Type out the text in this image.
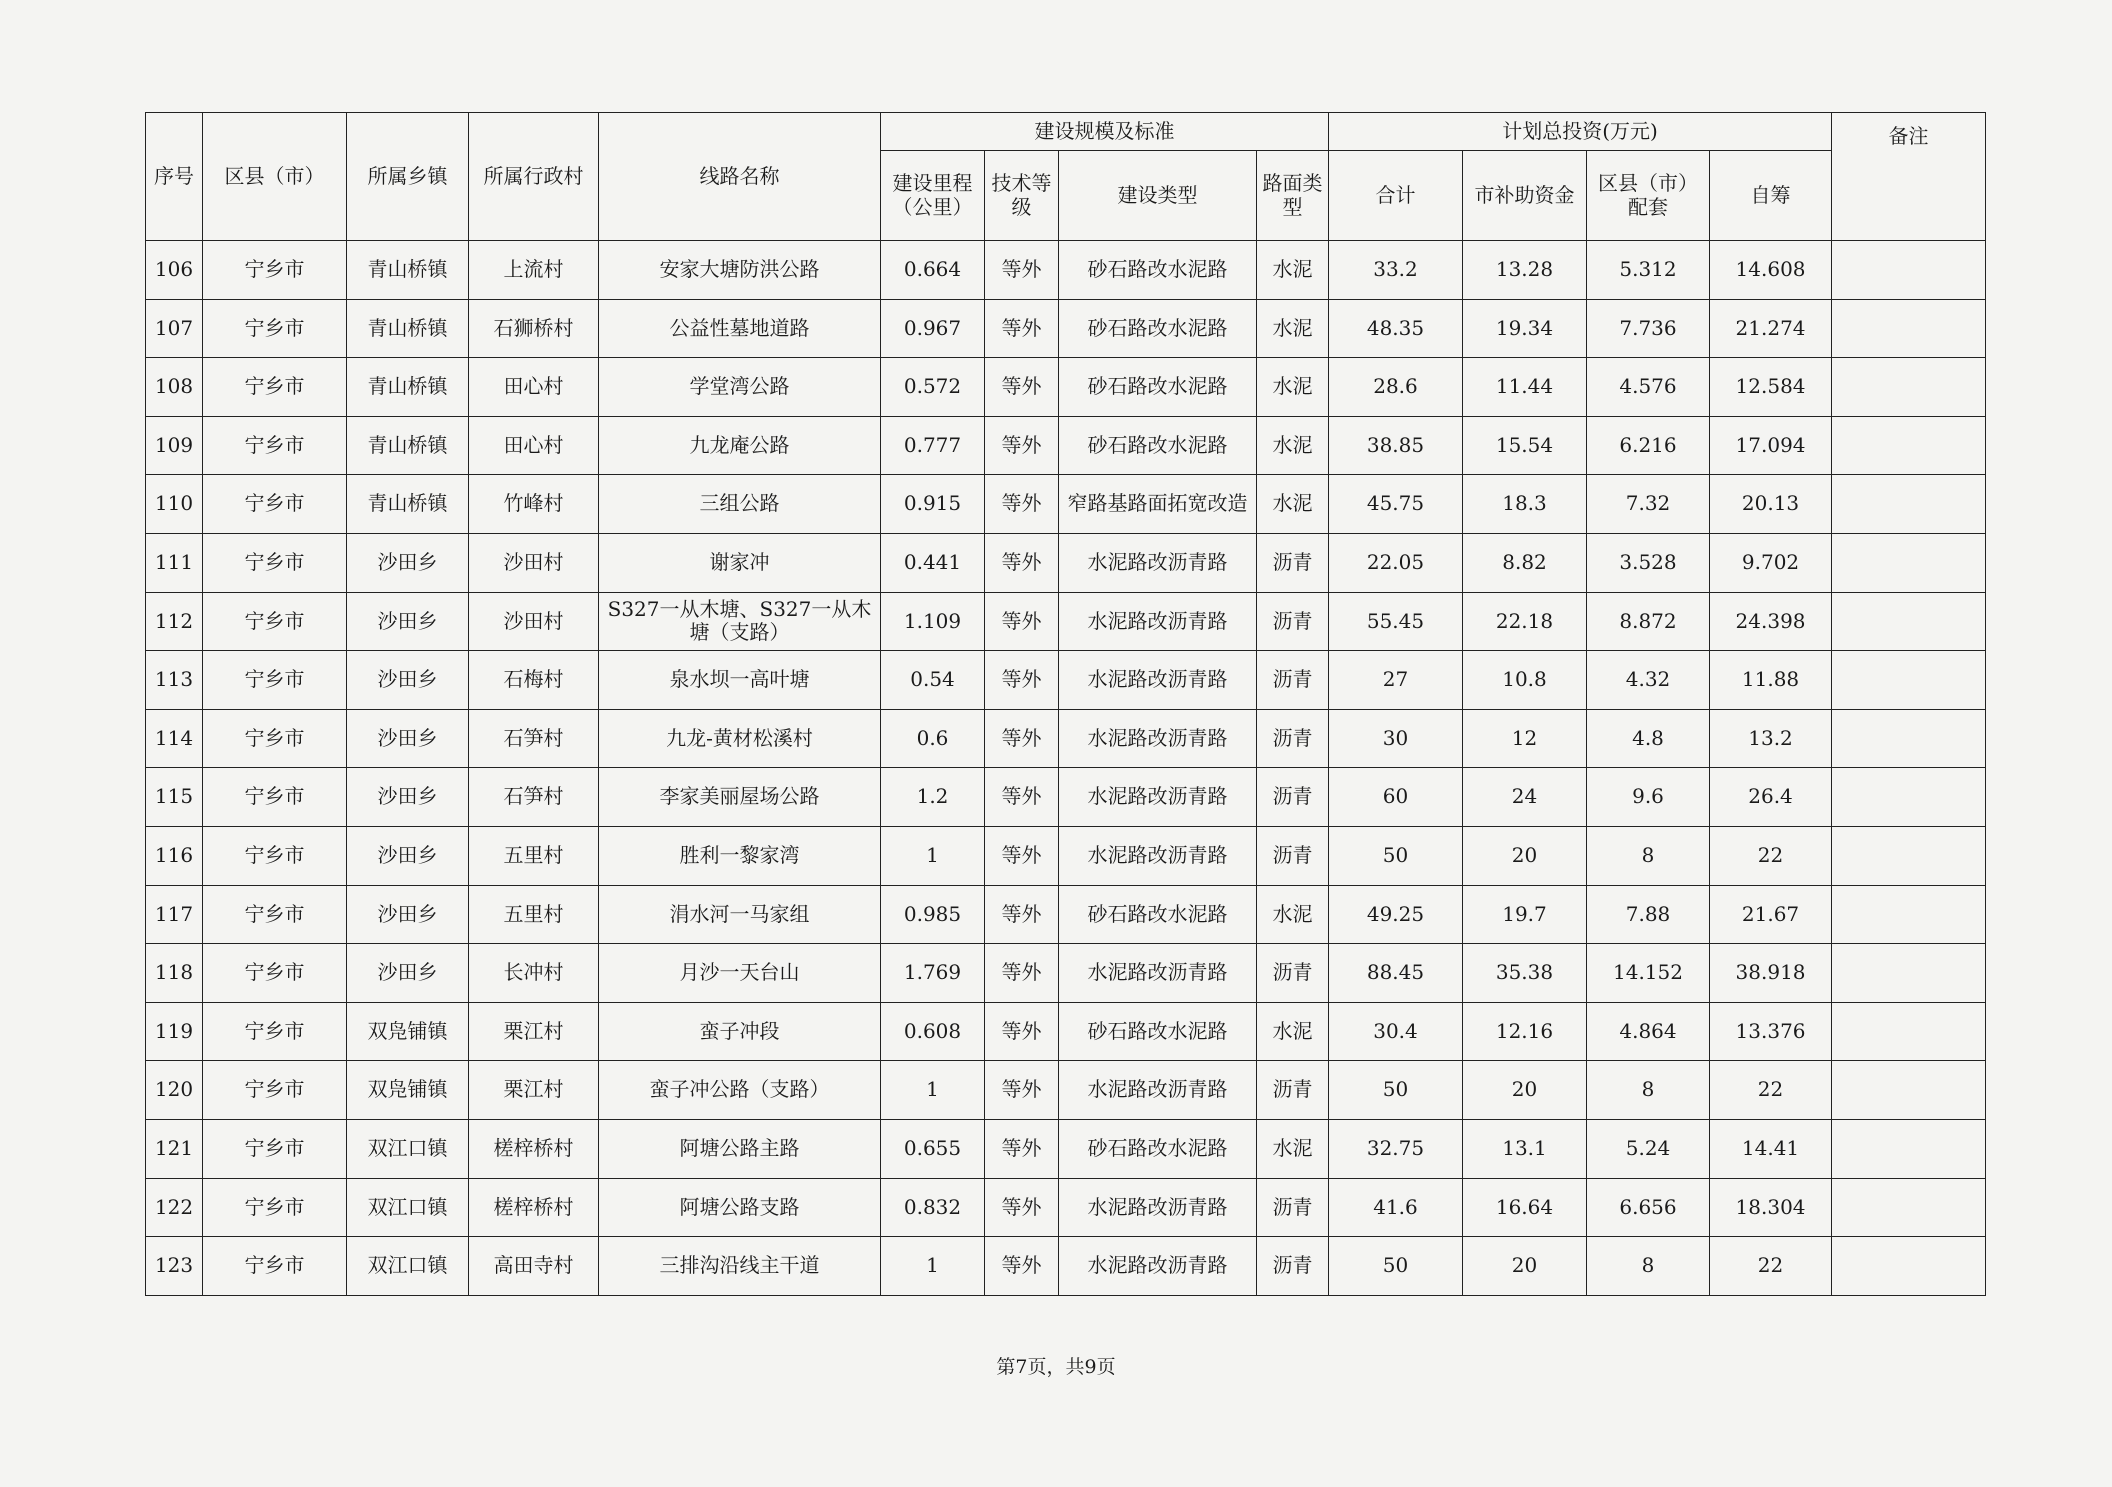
序号	区县（市）	所属乡镇	所属行政村	线路名称	建设规模及标准				计划总投资(万元)				备注
					建设里程（公里）	技术等级	建设类型	路面类型	合计	市补助资金	区县（市）配套	自筹	
106	宁乡市	青山桥镇	上流村	安家大塘防洪公路	0.664	等外	砂石路改水泥路	水泥	33.2	13.28	5.312	14.608	
107	宁乡市	青山桥镇	石狮桥村	公益性墓地道路	0.967	等外	砂石路改水泥路	水泥	48.35	19.34	7.736	21.274	
108	宁乡市	青山桥镇	田心村	学堂湾公路	0.572	等外	砂石路改水泥路	水泥	28.6	11.44	4.576	12.584	
109	宁乡市	青山桥镇	田心村	九龙庵公路	0.777	等外	砂石路改水泥路	水泥	38.85	15.54	6.216	17.094	
110	宁乡市	青山桥镇	竹峰村	三组公路	0.915	等外	窄路基路面拓宽改造	水泥	45.75	18.3	7.32	20.13	
111	宁乡市	沙田乡	沙田村	谢家冲	0.441	等外	水泥路改沥青路	沥青	22.05	8.82	3.528	9.702	
112	宁乡市	沙田乡	沙田村	S327一从木塘、S327一从木塘（支路）	1.109	等外	水泥路改沥青路	沥青	55.45	22.18	8.872	24.398	
113	宁乡市	沙田乡	石梅村	泉水坝一高叶塘	0.54	等外	水泥路改沥青路	沥青	27	10.8	4.32	11.88	
114	宁乡市	沙田乡	石笋村	九龙-黄材松溪村	0.6	等外	水泥路改沥青路	沥青	30	12	4.8	13.2	
115	宁乡市	沙田乡	石笋村	李家美丽屋场公路	1.2	等外	水泥路改沥青路	沥青	60	24	9.6	26.4	
116	宁乡市	沙田乡	五里村	胜利一黎家湾	1	等外	水泥路改沥青路	沥青	50	20	8	22	
117	宁乡市	沙田乡	五里村	涓水河一马家组	0.985	等外	砂石路改水泥路	水泥	49.25	19.7	7.88	21.67	
118	宁乡市	沙田乡	长冲村	月沙一天台山	1.769	等外	水泥路改沥青路	沥青	88.45	35.38	14.152	38.918	
119	宁乡市	双凫铺镇	栗江村	蛮子冲段	0.608	等外	砂石路改水泥路	水泥	30.4	12.16	4.864	13.376	
120	宁乡市	双凫铺镇	栗江村	蛮子冲公路（支路）	1	等外	水泥路改沥青路	沥青	50	20	8	22	
121	宁乡市	双江口镇	槎梓桥村	阿塘公路主路	0.655	等外	砂石路改水泥路	水泥	32.75	13.1	5.24	14.41	
122	宁乡市	双江口镇	槎梓桥村	阿塘公路支路	0.832	等外	水泥路改沥青路	沥青	41.6	16.64	6.656	18.304	
123	宁乡市	双江口镇	高田寺村	三排沟沿线主干道	1	等外	水泥路改沥青路	沥青	50	20	8	22	
第7页，共9页
